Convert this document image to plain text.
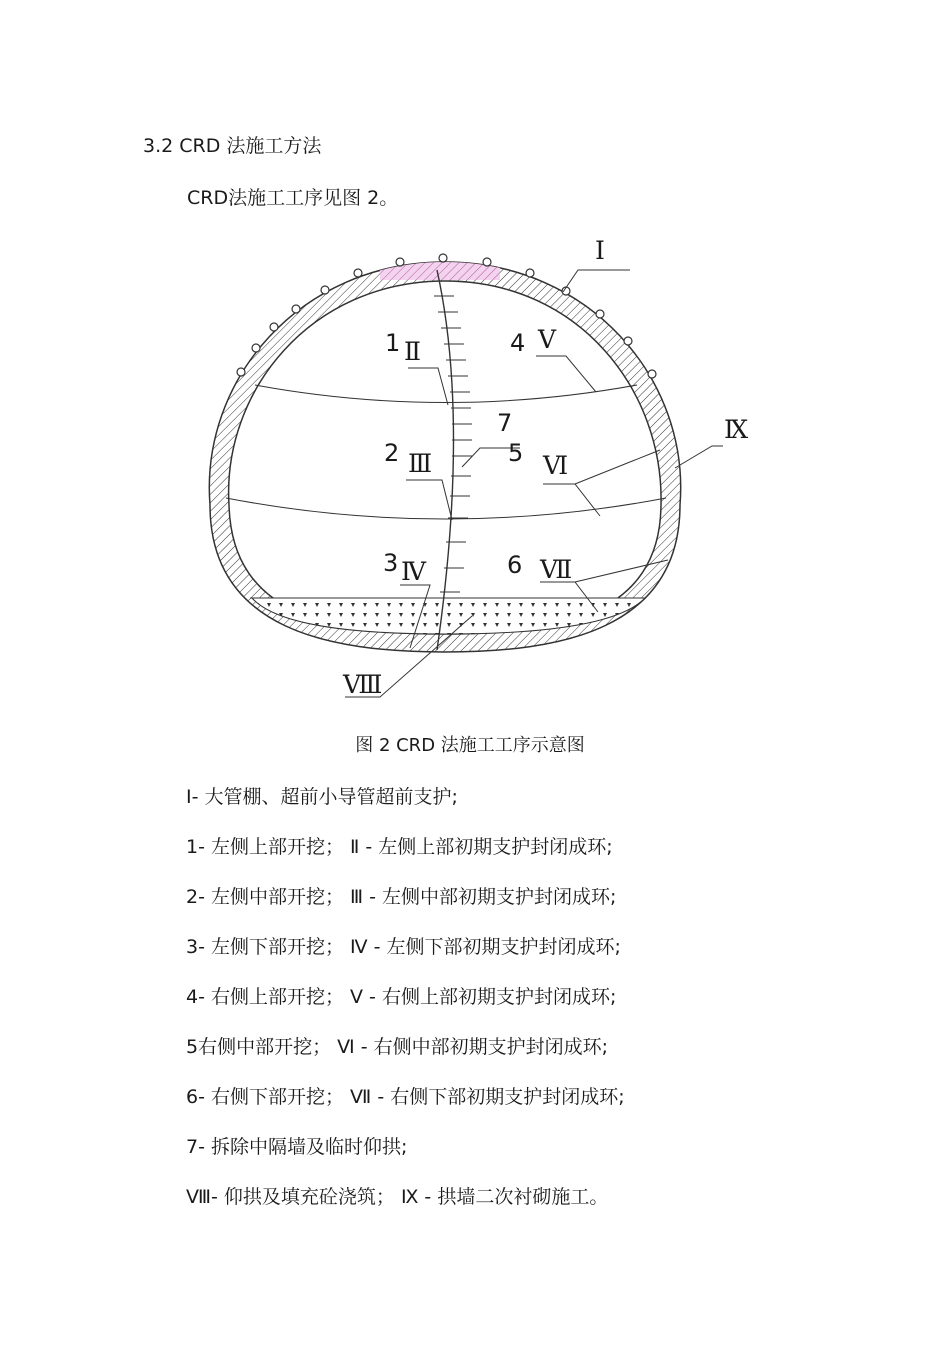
3.2 CRD 法施工方法
CRD法施工工序见图 2。
Ⅰ
Ⅱ	Ⅴ
Ⅸ
Ⅲ	Ⅵ
Ⅳ	Ⅶ
Ⅷ
1	4
7
2	5
3	6
图 2 CRD 法施工工序示意图
Ⅰ- 大管棚、超前小导管超前支护;
1- 左侧上部开挖； Ⅱ - 左侧上部初期支护封闭成环;
2- 左侧中部开挖； Ⅲ - 左侧中部初期支护封闭成环;
3- 左侧下部开挖； Ⅳ - 左侧下部初期支护封闭成环;
4- 右侧上部开挖； Ⅴ - 右侧上部初期支护封闭成环;
5右侧中部开挖； Ⅵ - 右侧中部初期支护封闭成环;
6- 右侧下部开挖； Ⅶ - 右侧下部初期支护封闭成环;
7- 拆除中隔墙及临时仰拱;
Ⅷ- 仰拱及填充砼浇筑； Ⅸ - 拱墙二次衬砌施工。
